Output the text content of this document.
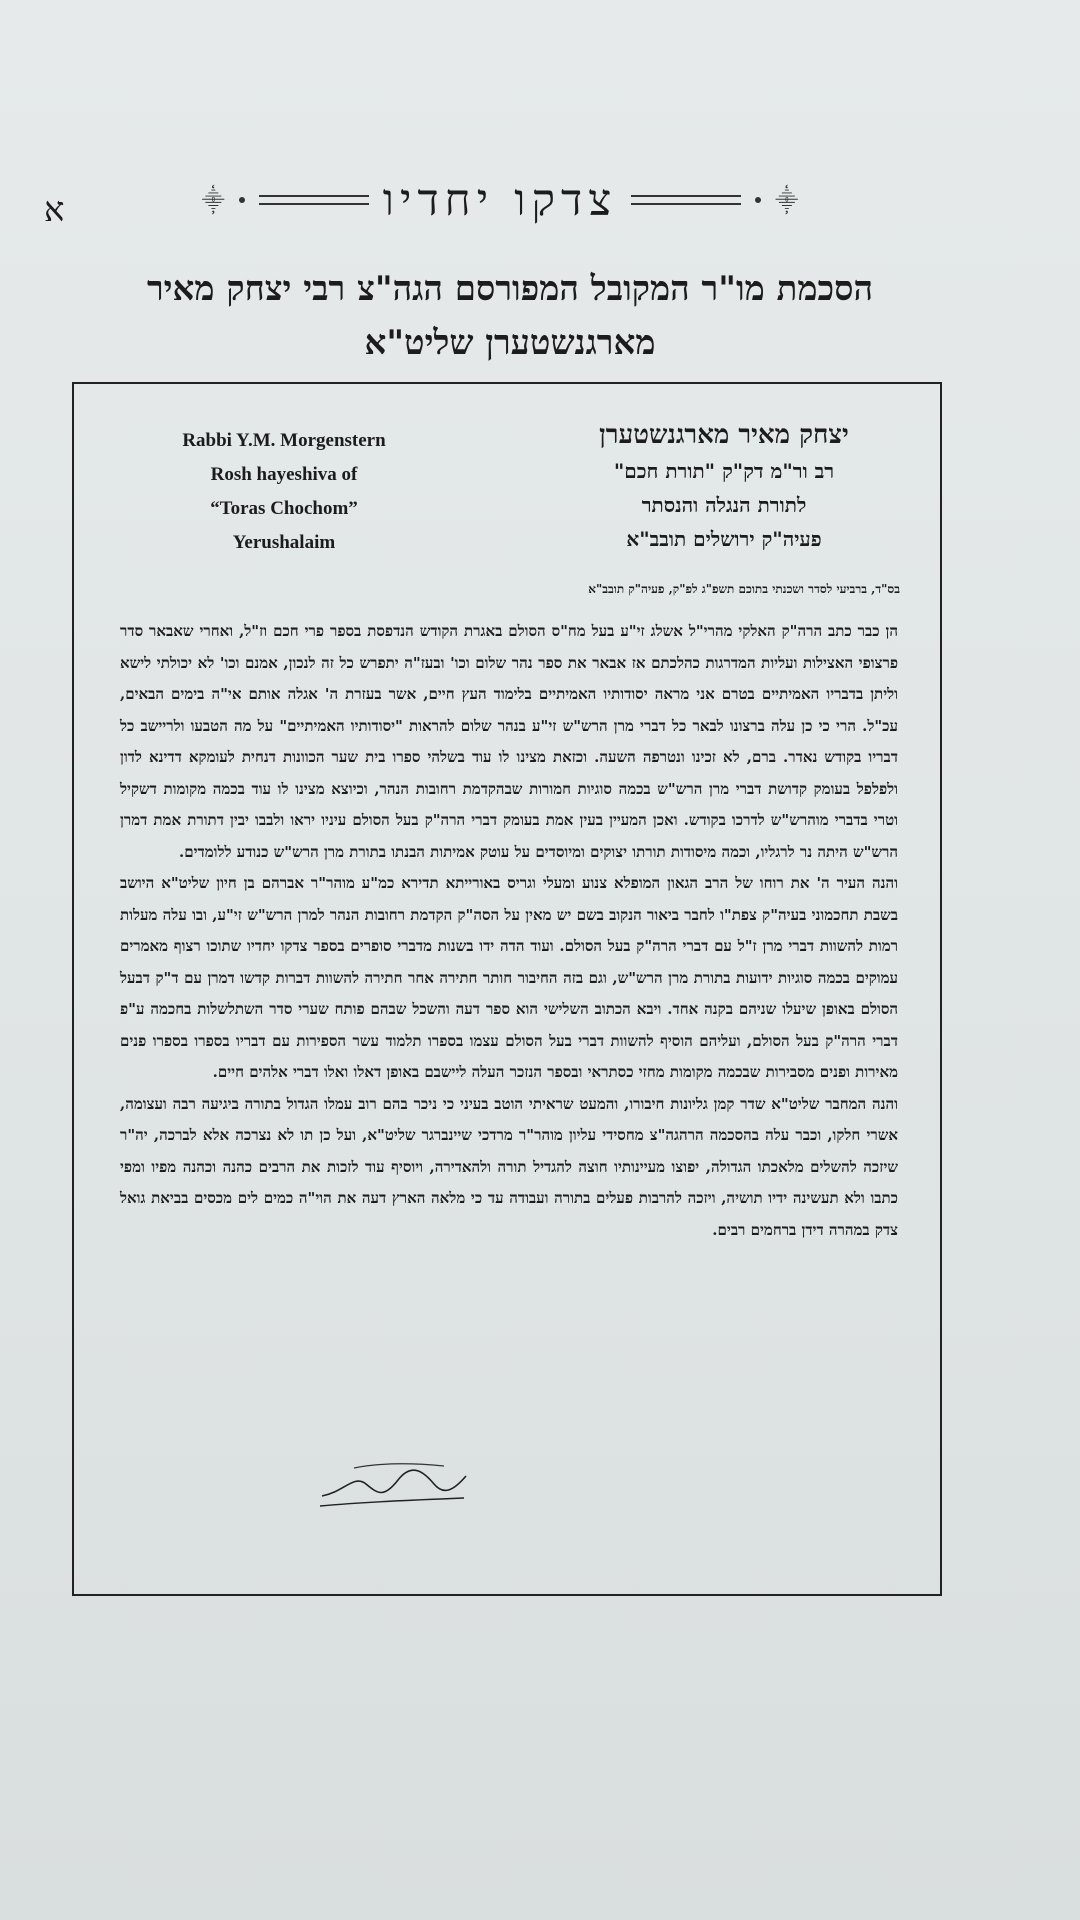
א	⸎	צדקו יחדיו	⸎
הסכמת מו"ר המקובל המפורסם הגה"צ רבי יצחק מאיר מארגנשטערן שליט"א
יצחק מאיר מארגנשטערן
רב ור"מ דק"ק "תורת חכם"
לתורת הנגלה והנסתר
פעיה"ק ירושלים תובב"א
Rabbi Y.M. Morgenstern
Rosh hayeshiva of
“Toras Chochom”
Yerushalaim
בס"ד, ברביעי לסדר ושכנתי בתוכם תשפ"ג לפ"ק, פעיה"ק תובב"א

הן כבר כתב הרה"ק האלקי מהרי"ל אשלג זי"ע בעל מח"ס הסולם באגרת הקודש הנדפסת בספר פרי חכם וז"ל, ואחרי שאבאר סדר פרצופי האצילות ועליות המדרגות כהלכתם אז אבאר את ספר נהר שלום וכו' ובעז"ה יתפרש כל זה לנכון, אמנם וכו' לא יכולתי לישא וליתן בדבריו האמיתיים בטרם אני מראה יסודותיו האמיתיים בלימוד העץ חיים, אשר בעזרת ה' אגלה אותם אי"ה בימים הבאים, עכ"ל. הרי כי כן עלה ברצונו לבאר כל דברי מרן הרש"ש זי"ע בנהר שלום להראות "יסודותיו האמיתיים" על מה הטבעו ולריישב כל דבריו בקודש נאדר. ברם, לא זכינו ונטרפה השעה. וכזאת מצינו לו עוד בשלהי ספרו בית שער הכוונות דנחית לעומקא דדינא לדון ולפלפל בעומק קדושת דברי מרן הרש"ש בכמה סוגיות חמורות שבהקדמת רחובות הנהר, וכיוצא מצינו לו עוד בכמה מקומות דשקיל וטרי בדברי מוהרש"ש לדרכו בקודש. ואכן המעיין בעין אמת בעומק דברי הרה"ק בעל הסולם עיניו יראו ולבבו יבין דתורת אמת דמרן הרש"ש היתה נר לרגליו, וכמה מיסודות תורתו יצוקים ומיוסדים על עוטק אמיתות הבנתו בתורת מרן הרש"ש כנודע ללומדים.

והנה העיר ה' את רוחו של הרב הגאון המופלא צנוע ומעלי וגריס באורייתא תדירא כמ"ע מוהר"ר אברהם בן חיון שליט"א היושב בשבת תחכמוני בעיה"ק צפת"ו לחבר ביאור הנקוב בשם יש מאין על הסה"ק הקדמת רחובות הנהר למרן הרש"ש זי"ע, ובו עלה מעלות רמות להשוות דברי מרן ז"ל עם דברי הרה"ק בעל הסולם. ועוד הדה ידו בשנות מדברי סופרים בספר צדקו יחדיו שתוכו רצוף מאמרים עמוקים בכמה סוגיות ידועות בתורת מרן הרש"ש, וגם בזה החיבור חותר חתירה אחר חתירה להשוות דברות קדשו דמרן עם ד"ק דבעל הסולם באופן שיעלו שניהם בקנה אחד. ויבא הכתוב השלישי הוא ספר דעה והשכל שבהם פותח שערי סדר השתלשלות בחכמה ע"פ דברי הרה"ק בעל הסולם, ועליהם הוסיף להשוות דברי בעל הסולם עצמו בספרו תלמוד עשר הספירות עם דבריו בספרו בספרו פנים מאירות ופנים מסבירות שבכמה מקומות מחזי כסתראי ובספר הנזכר העלה ליישבם באופן דאלו ואלו דברי אלהים חיים.

והנה המחבר שליט"א שדר קמן גליונות חיבורו, והמעט שראיתי הוטב בעיני כי ניכר בהם רוב עמלו הגדול בתורה ביגיעה רבה ועצומה, אשרי חלקו, וכבר עלה בהסכמה הרהגה"צ מחסידי עליון מוהר"ר מרדכי שיינברגר שליט"א, ועל כן תו לא נצרכה אלא לברכה, יה"ר שיזכה להשלים מלאכתו הגדולה, יפוצו מעיינותיו חוצה להגדיל תורה ולהאדירה, ויוסיף עוד לזכות את הרבים כהנה וכהנה מפיו ומפי כתבו ולא תעשינה ידיו תושיה, ויזכה להרבות פעלים בתורה ועבודה עד כי מלאה הארץ דעה את הוי"ה כמים לים מכסים בביאת גואל צדק במהרה דידן ברחמים רבים.
